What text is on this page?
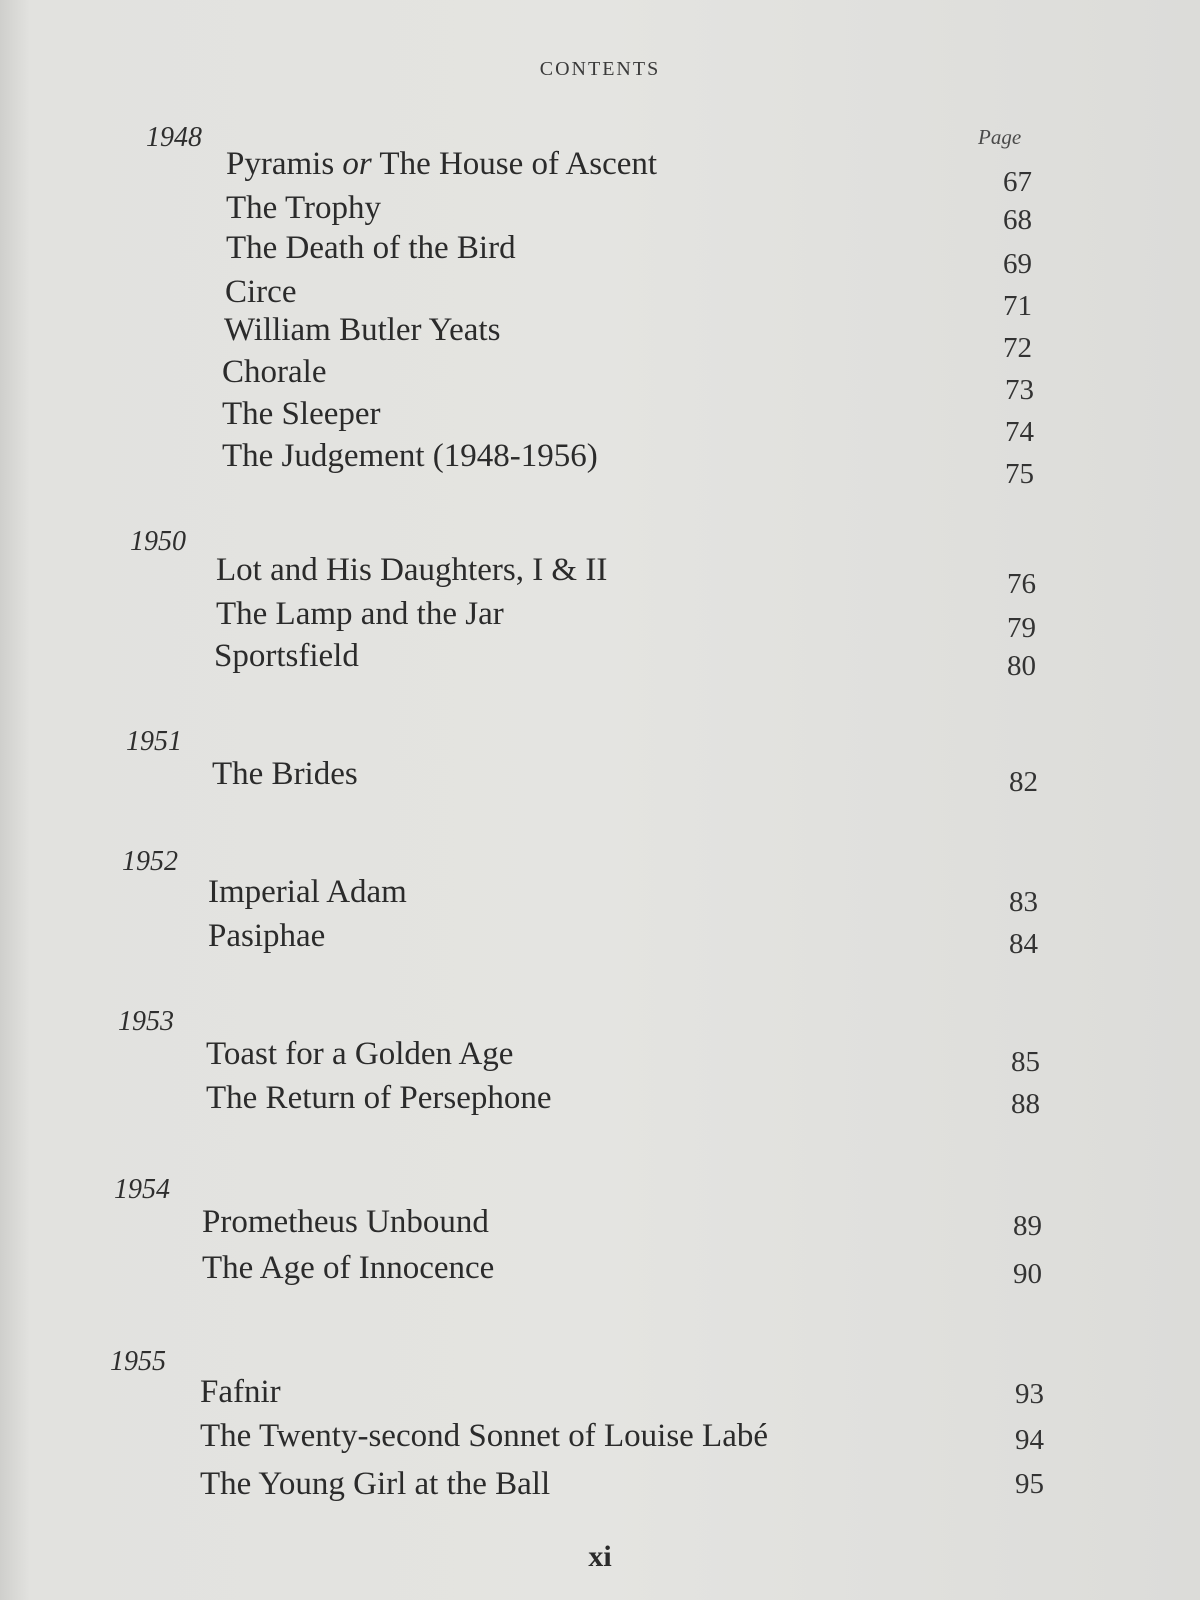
CONTENTS
Page
1948
Pyramis or The House of Ascent	67
The Trophy	68
The Death of the Bird	69
Circe	71
William Butler Yeats	72
Chorale	73
The Sleeper	74
The Judgement (1948-1956)	75
1950
Lot and His Daughters, I & II	76
The Lamp and the Jar	79
Sportsfield	80
1951
The Brides	82
1952
Imperial Adam	83
Pasiphae	84
1953
Toast for a Golden Age	85
The Return of Persephone	88
1954
Prometheus Unbound	89
The Age of Innocence	90
1955
Fafnir	93
The Twenty-second Sonnet of Louise Labé	94
The Young Girl at the Ball	95
xi
